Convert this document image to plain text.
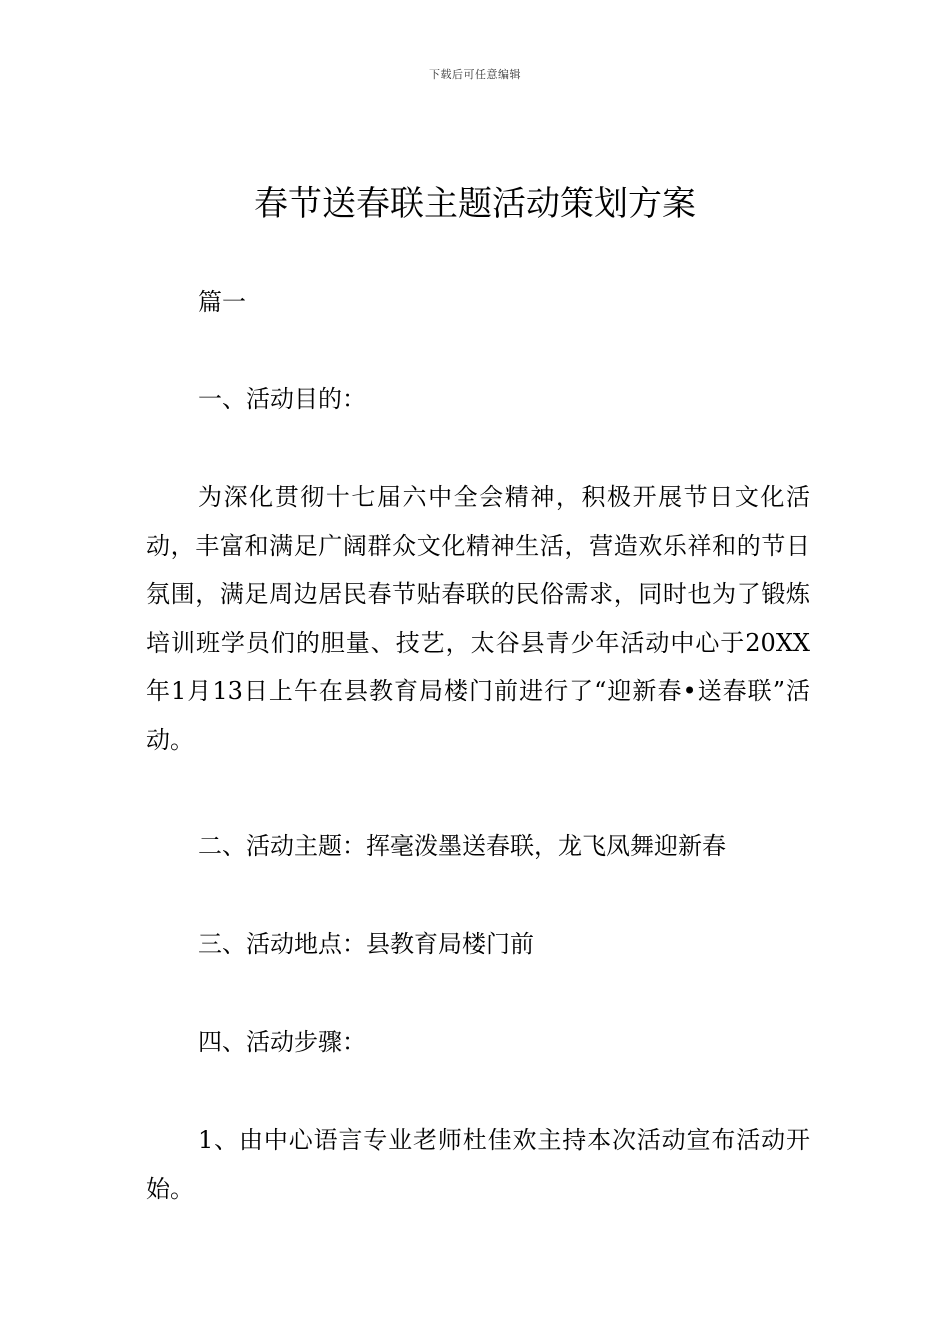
下载后可任意编辑
春节送春联主题活动策划方案

篇一

一、活动目的：

为深化贯彻十七届六中全会精神，积极开展节日文化活动，丰富和满足广阔群众文化精神生活，营造欢乐祥和的节日氛围，满足周边居民春节贴春联的民俗需求，同时也为了锻炼培训班学员们的胆量、技艺，太谷县青少年活动中心于20XX年1月13日上午在县教育局楼门前进行了“迎新春•送春联”活动。

二、活动主题：挥毫泼墨送春联，龙飞凤舞迎新春

三、活动地点：县教育局楼门前

四、活动步骤：

1、由中心语言专业老师杜佳欢主持本次活动宣布活动开始。
